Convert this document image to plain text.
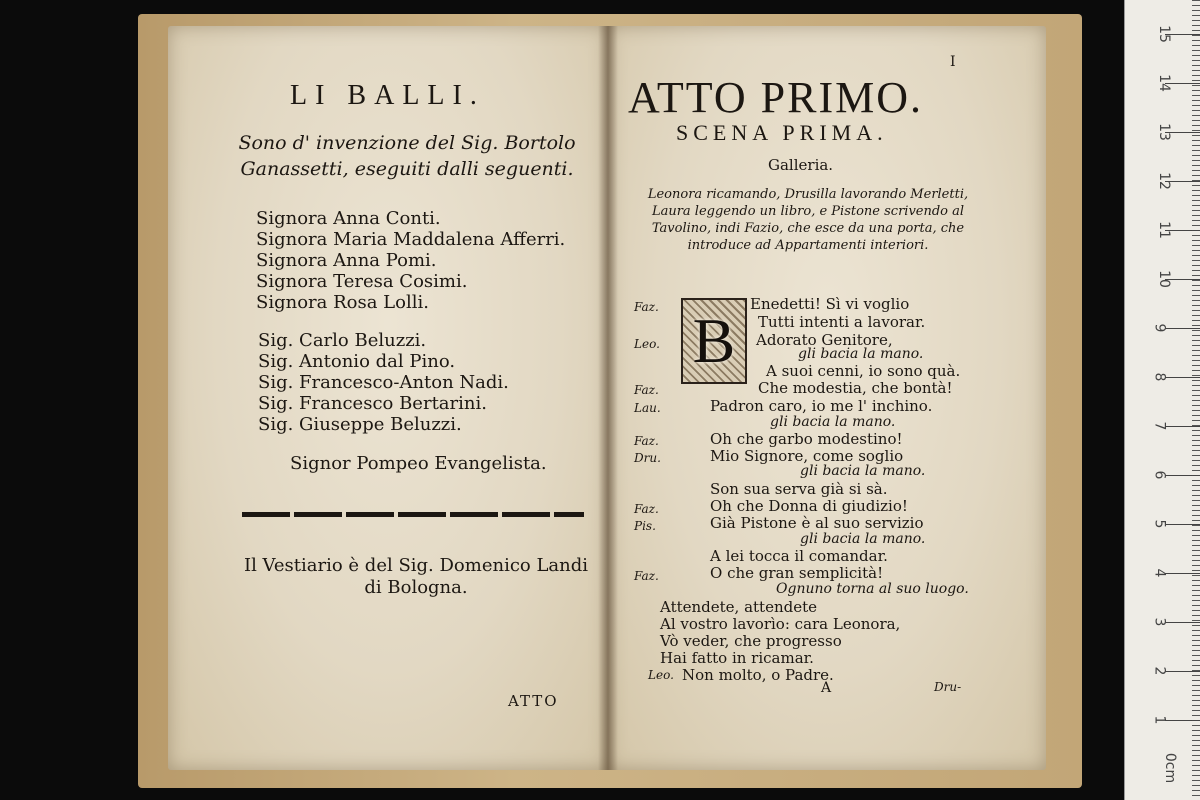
LI BALLI.
Sono d' invenzione del Sig. Bortolo Ganassetti, eseguiti dalli seguenti.
Signora Anna Conti.
Signora Maria Maddalena Afferri.
Signora Anna Pomi.
Signora Teresa Cosimi.
Signora Rosa Lolli.
Sig. Carlo Beluzzi.
Sig. Antonio dal Pino.
Sig. Francesco-Anton Nadi.
Sig. Francesco Bertarini.
Sig. Giuseppe Beluzzi.
Signor Pompeo Evangelista.
Il Vestiario è del Sig. Domenico Landi di Bologna.
ATTO
I
ATTO PRIMO.
SCENA PRIMA.
Galleria.
Leonora ricamando, Drusilla lavorando Merletti, Laura leggendo un libro, e Pistone scrivendo al Tavolino, indi Fazio, che esce da una porta, che introduce ad Appartamenti interiori.
B
Faz.
Leo.
Faz.
Lau.
Faz.
Dru.
Faz.
Pis.
Faz.
Enedetti! Sì vi voglio
Tutti intenti a lavorar.
Adorato Genitore,
gli bacia la mano.
A suoi cenni, io sono quà.
Che modestia, che bontà!
Padron caro, io me l' inchino.
gli bacia la mano.
Oh che garbo modestino!
Mio Signore, come soglio
gli bacia la mano.
Son sua serva già si sà.
Oh che Donna di giudizio!
Già Pistone è al suo servizio
gli bacia la mano.
A lei tocca il comandar.
O che gran semplicità!
Ognuno torna al suo luogo.
Attendete, attendete
Al vostro lavorìo: cara Leonora,
Vò veder, che progresso
Hai fatto in ricamar.
Leo. Non molto, o Padre.
A	Dru-
15
14
13
12
11
10
9
8
7
6
5
4
3
2
1
0cm
